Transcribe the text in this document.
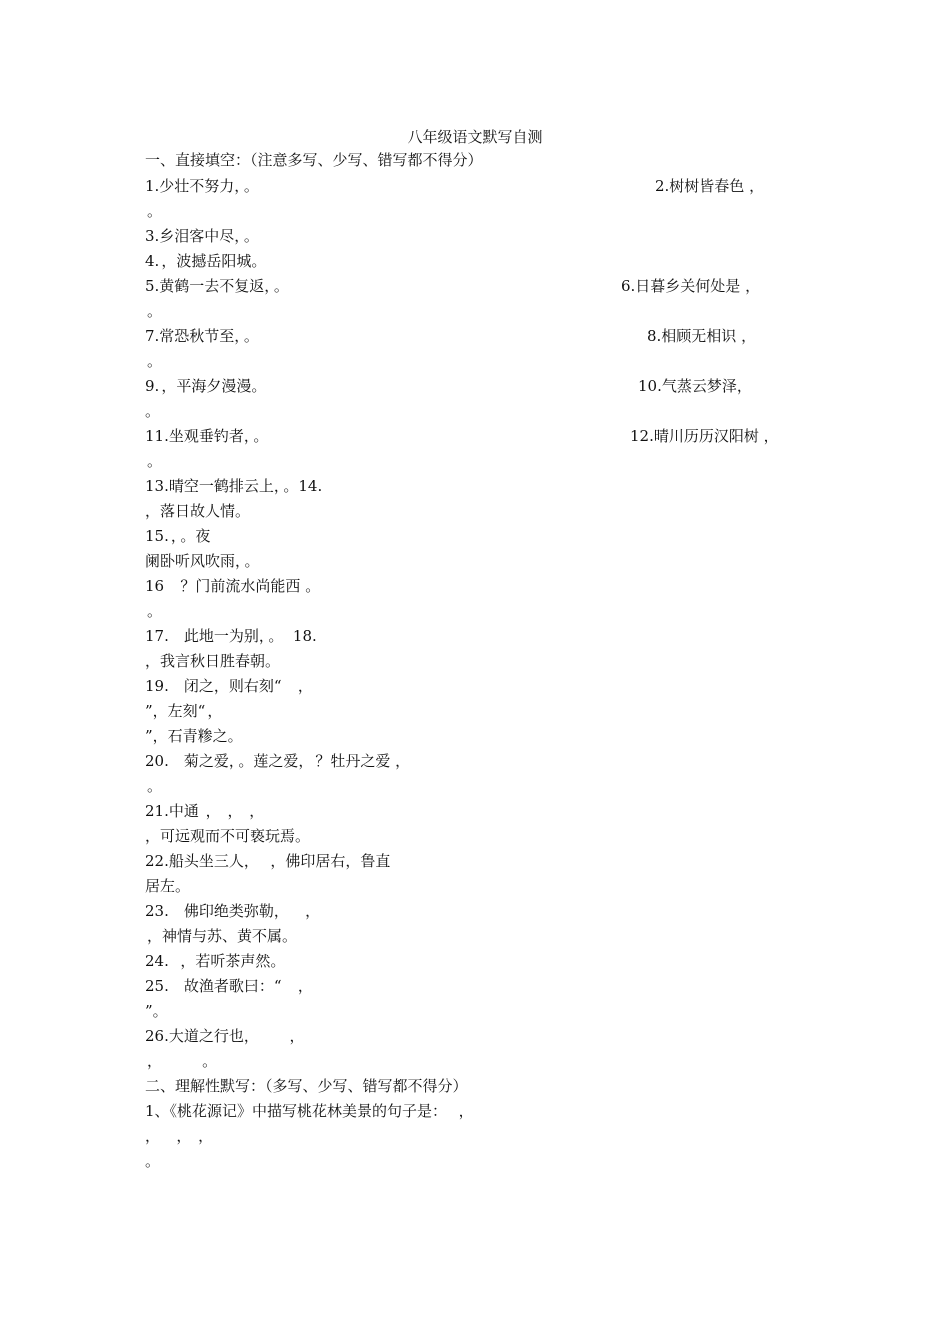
八年级语文默写自测
一、直接填空：（注意多写、少写、错写都不得分）
1.少壮不努力， 。	2.树树皆春色 ，
。
3.乡泪客中尽， 。
4. ，波撼岳阳城。
5.黄鹤一去不复返， 。	6.日暮乡关何处是 ，
。
7.常恐秋节至， 。	8.相顾无相识 ，
。
9. ，平海夕漫漫。	10.气蒸云梦泽，
。
11.坐观垂钓者， 。	12.晴川历历汉阳树 ，
。
13.晴空一鹤排云上， 。14.
，落日故人情。
15. ， 。夜
阑卧听风吹雨， 。
16 ？门前流水尚能西 。
。
17.　此地一为别， 。 18.
，我言秋日胜春朝。
19.　闭之，则右刻“ ，
”，左刻“ ，
”，石青糁之。
20.　菊之爱， 。莲之爱， ？牡丹之爱 ，
。
21.中通 ， ， ，
，可远观而不可亵玩焉。
22.船头坐三人， ，佛印居右，鲁直
居左。
23.　佛印绝类弥勒， ，
，神情与苏、黄不属。
24. ，若听茶声然。
25.　故渔者歌曰：“ ，
”。
26.大道之行也， ，
，	。
二、理解性默写：（多写、少写、错写都不得分）
1、《桃花源记》中描写桃花林美景的句子是： ，
， ， ，
。
